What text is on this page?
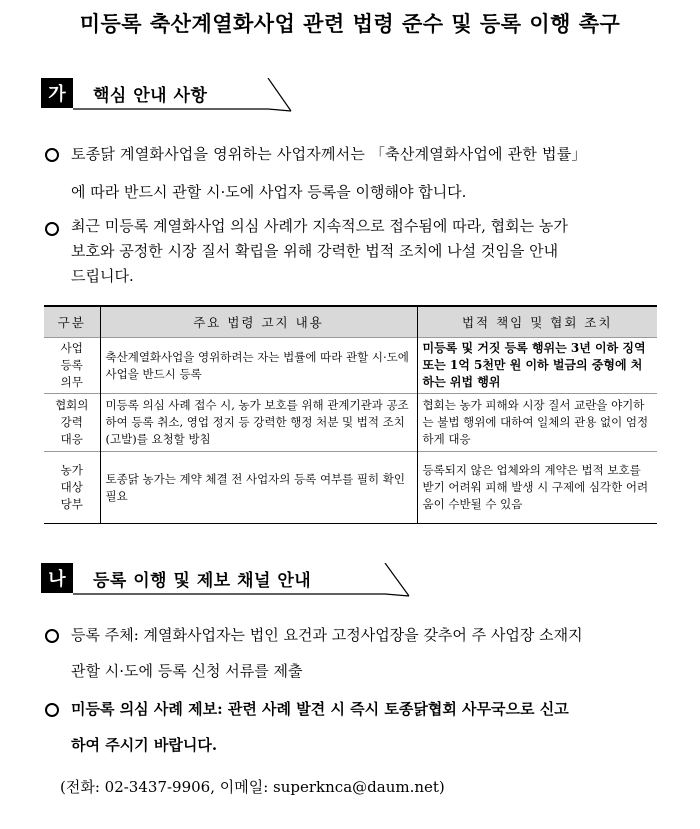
미등록 축산계열화사업 관련 법령 준수 및 등록 이행 촉구
가	핵심 안내 사항
토종닭 계열화사업을 영위하는 사업자께서는 「축산계열화사업에 관한 법률」
에 따라 반드시 관할 시·도에 사업자 등록을 이행해야 합니다.
최근 미등록 계열화사업 의심 사례가 지속적으로 접수됨에 따라, 협회는 농가
보호와 공정한 시장 질서 확립을 위해 강력한 법적 조치에 나설 것임을 안내
드립니다.
구분	주요 법령 고지 내용	법적 책임 및 협회 조치

사업
등록
의무	축산계열화사업을 영위하려는 자는 법률에 따라 관할 시·도에 사업을 반드시 등록	미등록 및 거짓 등록 행위는 3년 이하 징역 또는 1억 5천만 원 이하 벌금의 중형에 처하는 위법 행위

협회의
강력
대응	미등록 의심 사례 접수 시, 농가 보호를 위해 관계기관과 공조하여 등록 취소, 영업 정지 등 강력한 행정 처분 및 법적 조치(고발)를 요청할 방침	협회는 농가 피해와 시장 질서 교란을 야기하는 불법 행위에 대하여 일체의 관용 없이 엄정하게 대응

농가
대상
당부	토종닭 농가는 계약 체결 전 사업자의 등록 여부를 필히 확인 필요	등록되지 않은 업체와의 계약은 법적 보호를 받기 어려워 피해 발생 시 구제에 심각한 어려움이 수반될 수 있음
나	등록 이행 및 제보 채널 안내
등록 주체: 계열화사업자는 법인 요건과 고정사업장을 갖추어 주 사업장 소재지
관할 시·도에 등록 신청 서류를 제출
미등록 의심 사례 제보: 관련 사례 발견 시 즉시 토종닭협회 사무국으로 신고
하여 주시기 바랍니다.
(전화: 02-3437-9906, 이메일: superknca@daum.net)
